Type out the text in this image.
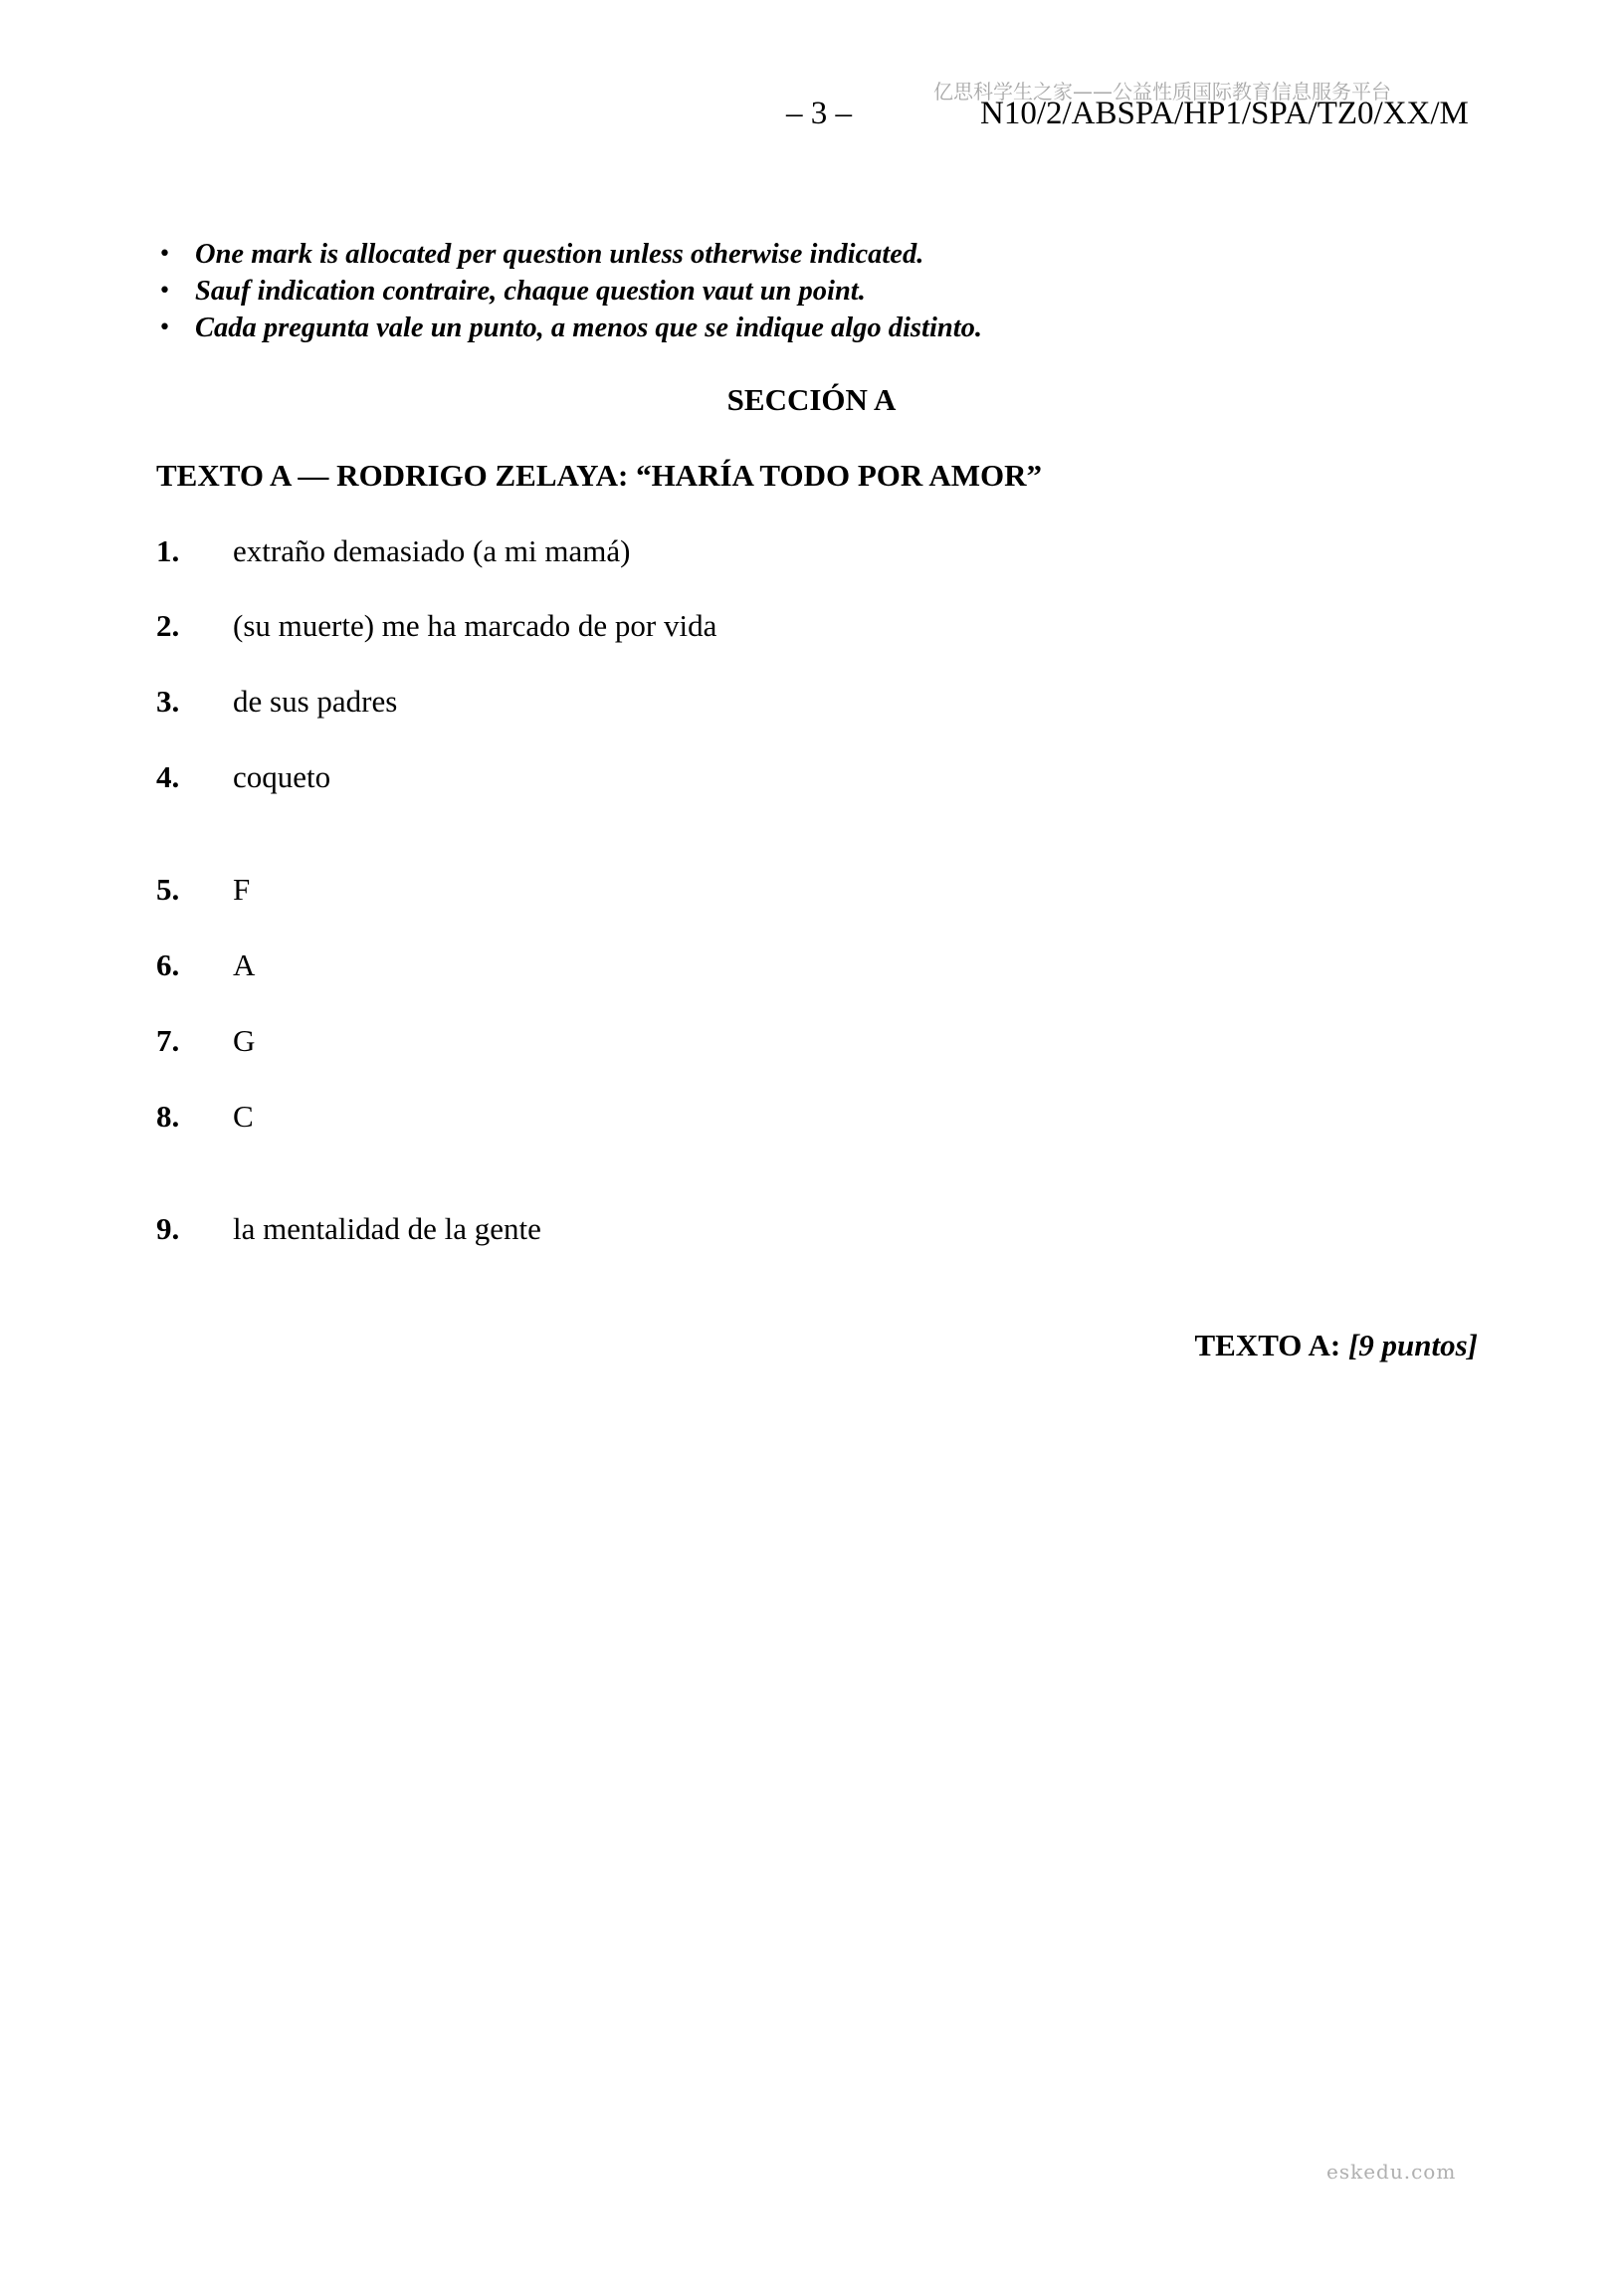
亿思科学生之家——公益性质国际教育信息服务平台
– 3 –	N10/2/ABSPA/HP1/SPA/TZ0/XX/M
• One mark is allocated per question unless otherwise indicated.
• Sauf indication contraire, chaque question vaut un point.
• Cada pregunta vale un punto, a menos que se indique algo distinto.
SECCIÓN A
TEXTO A — RODRIGO ZELAYA: “HARÍA TODO POR AMOR”
1.	extraño demasiado (a mi mamá)
2.	(su muerte) me ha marcado de por vida
3.	de sus padres
4.	coqueto
5.	F
6.	A
7.	G
8.	C
9.	la mentalidad de la gente
TEXTO A: [9 puntos]
eskedu.com
